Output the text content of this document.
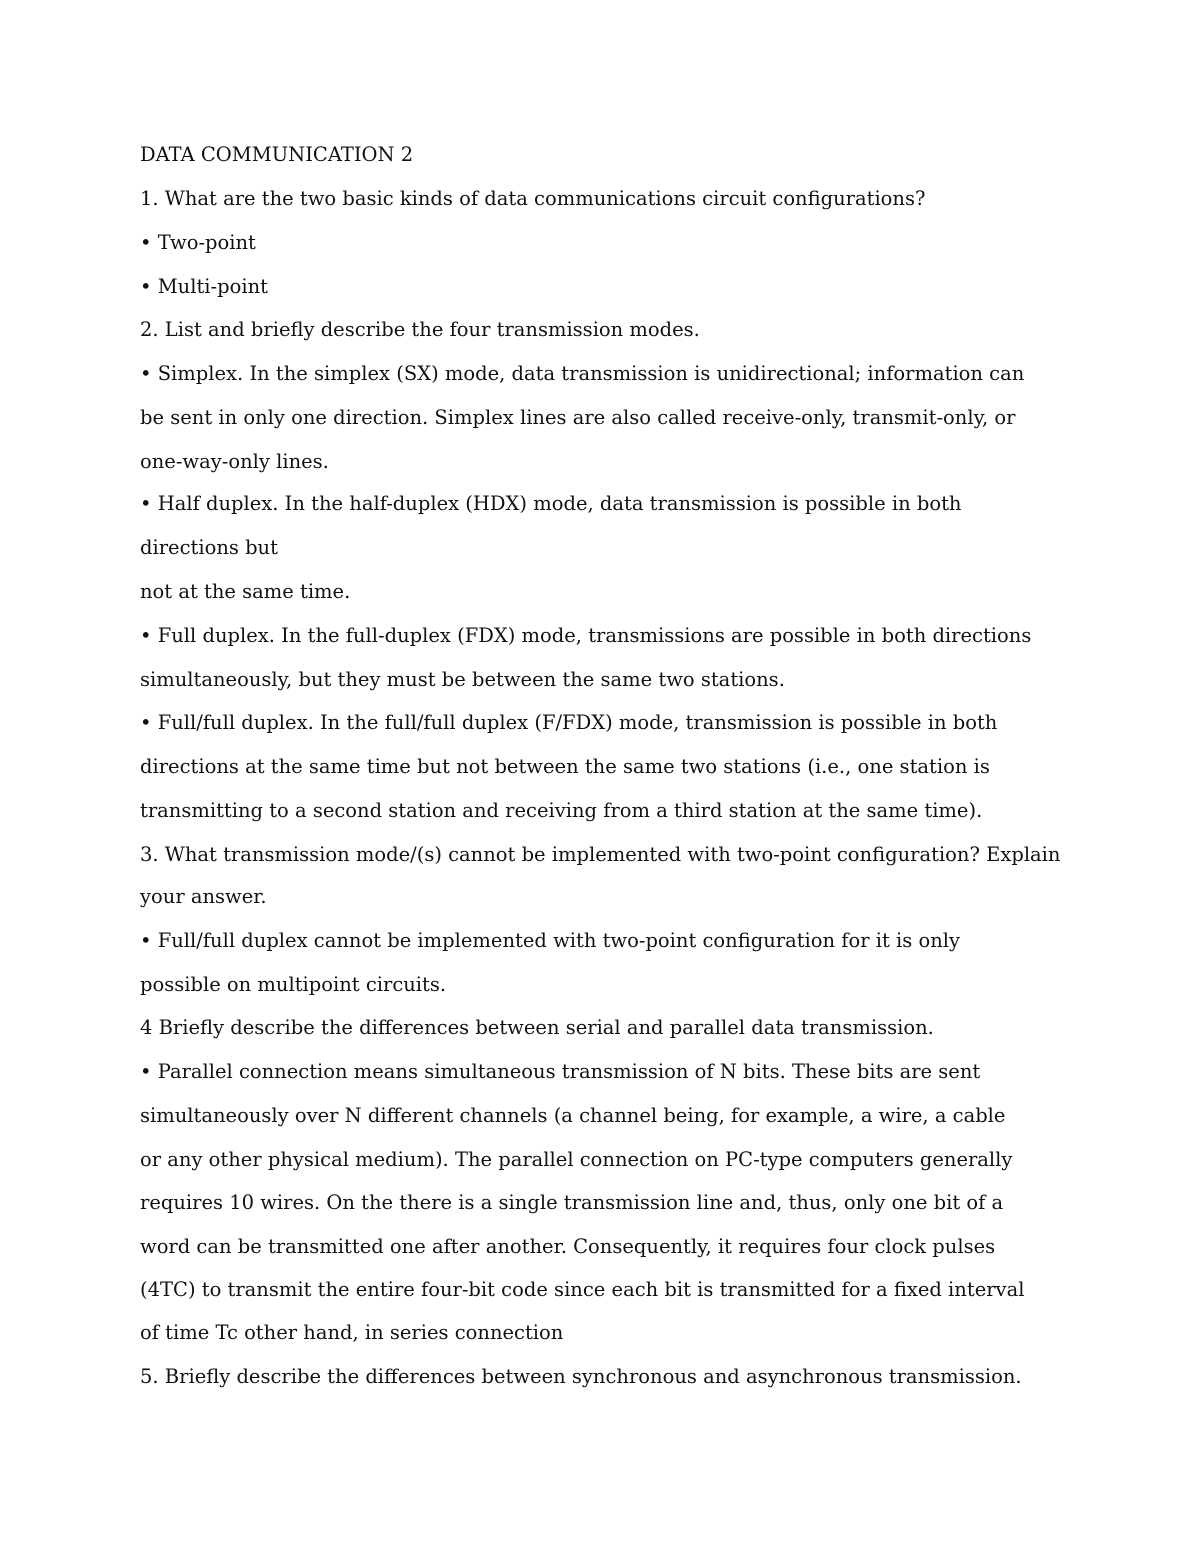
DATA COMMUNICATION 2
1. What are the two basic kinds of data communications circuit configurations?
• Two-point
• Multi-point
2. List and briefly describe the four transmission modes.
• Simplex. In the simplex (SX) mode, data transmission is unidirectional; information can
be sent in only one direction. Simplex lines are also called receive-only, transmit-only, or
one-way-only lines.
• Half duplex. In the half-duplex (HDX) mode, data transmission is possible in both
directions but
not at the same time.
• Full duplex. In the full-duplex (FDX) mode, transmissions are possible in both directions
simultaneously, but they must be between the same two stations.
• Full/full duplex. In the full/full duplex (F/FDX) mode, transmission is possible in both
directions at the same time but not between the same two stations (i.e., one station is
transmitting to a second station and receiving from a third station at the same time).
3. What transmission mode/(s) cannot be implemented with two-point configuration? Explain
your answer.
• Full/full duplex cannot be implemented with two-point configuration for it is only
possible on multipoint circuits.
4 Briefly describe the differences between serial and parallel data transmission.
• Parallel connection means simultaneous transmission of N bits. These bits are sent
simultaneously over N different channels (a channel being, for example, a wire, a cable
or any other physical medium). The parallel connection on PC-type computers generally
requires 10 wires. On the there is a single transmission line and, thus, only one bit of a
word can be transmitted one after another. Consequently, it requires four clock pulses
(4TC) to transmit the entire four-bit code since each bit is transmitted for a fixed interval
of time Tc other hand, in series connection
5. Briefly describe the differences between synchronous and asynchronous transmission.
